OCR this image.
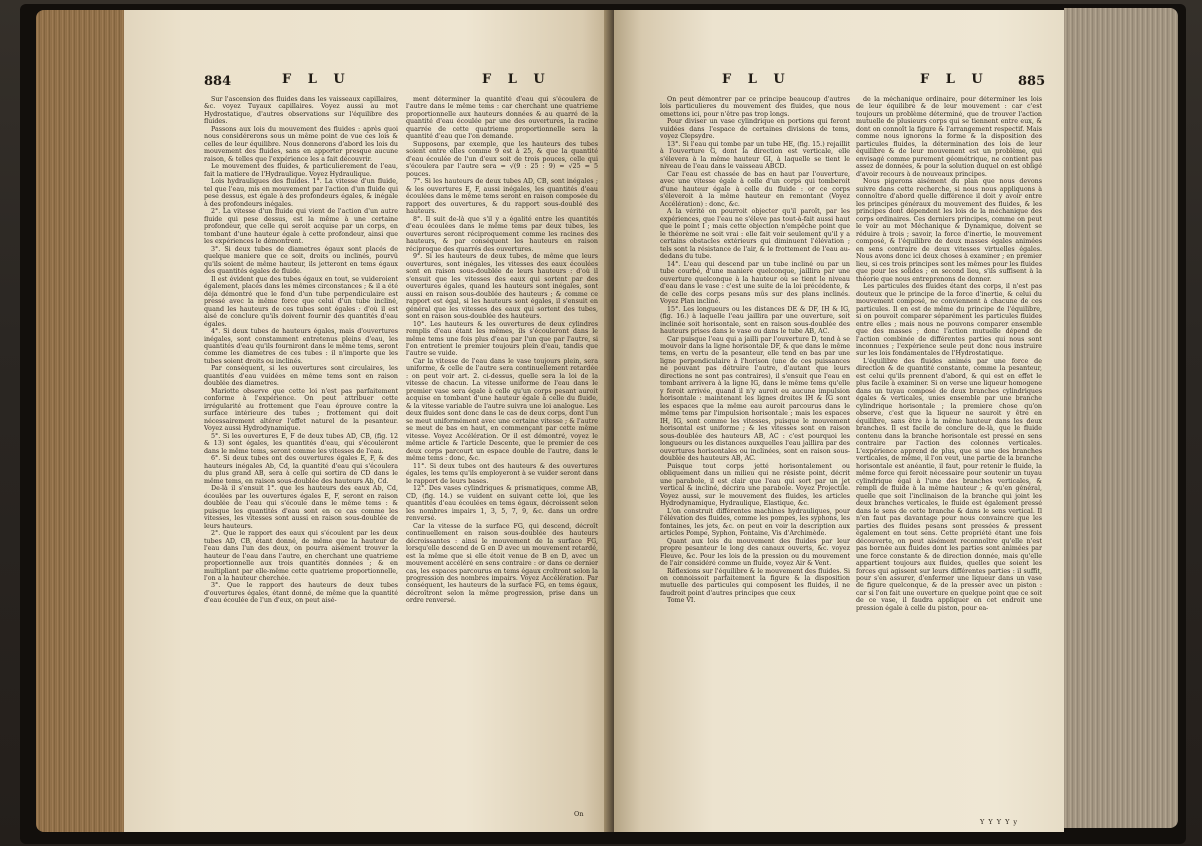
884	F L U	F L U

Sur l'ascension des fluides dans les vaisseaux capillaires, &c. voyez Tuyaux capillaires. Voyez aussi au mot Hydrostatique, d'autres observations sur l'équilibre des fluides.

Passons aux lois du mouvement des fluides : après quoi nous considérerons sous un même point de vue ces lois & celles de leur équilibre. Nous donnerons d'abord les lois du mouvement des fluides, sans en apporter presque aucune raison, & telles que l'expérience les a fait découvrir.

Le mouvement des fluides, & particulierement de l'eau, fait la matiere de l'Hydraulique. Voyez Hydraulique.

Lois hydrauliques des fluides. 1°. La vitesse d'un fluide, tel que l'eau, mis en mouvement par l'action d'un fluide qui pese dessus, est égale à des profondeurs égales, & inégale à des profondeurs inégales.

2°. La vitesse d'un fluide qui vient de l'action d'un autre fluide qui pese dessus, est la même à une certaine profondeur, que celle qui seroit acquise par un corps, en tombant d'une hauteur égale à cette profondeur, ainsi que les expériences le démontrent.

3°. Si deux tubes de diametres égaux sont placés de quelque maniere que ce soit, droits ou inclinés, pourvû qu'ils soient de même hauteur, ils jetteront en tems égaux des quantités égales de fluide.

Il est évident que des tubes égaux en tout, se vuideroient également, placés dans les mêmes circonstances ; & il a été déja démontré que le fond d'un tube perpendiculaire est pressé avec la même force que celui d'un tube incliné, quand les hauteurs de ces tubes sont égales : d'où il est aisé de conclure qu'ils doivent fournir des quantités d'eau égales.

4°. Si deux tubes de hauteurs égales, mais d'ouvertures inégales, sont constamment entretenus pleins d'eau, les quantités d'eau qu'ils fourniront dans le même tems, seront comme les diametres de ces tubes : il n'importe que les tubes soient droits ou inclinés.

Par conséquent, si les ouvertures sont circulaires, les quantités d'eau vuidées en même tems sont en raison doublée des diametres.

Mariotte observe que cette loi n'est pas parfaitement conforme à l'expérience. On peut attribuer cette irrégularité au frottement que l'eau éprouve contre la surface intérieure des tubes ; frottement qui doit nécessairement altérer l'effet naturel de la pesanteur. Voyez aussi Hydrodynamique.

5°. Si les ouvertures E, F de deux tubes AD, CB, (fig. 12 & 13) sont égales, les quantités d'eau, qui s'écouleront dans le même tems, seront comme les vitesses de l'eau.

6°. Si deux tubes ont des ouvertures égales E, F, & des hauteurs inégales Ab, Cd, la quantité d'eau qui s'écoulera du plus grand AB, sera à celle qui sortira de CD dans le même tems, en raison sous-doublée des hauteurs Ab, Cd.

De-là il s'ensuit 1°. que les hauteurs des eaux Ab, Cd, écoulées par les ouvertures égales E, F, seront en raison doublée de l'eau qui s'écoule dans le même tems : & puisque les quantités d'eau sont en ce cas comme les vitesses, les vitesses sont aussi en raison sous-doublée de leurs hauteurs.

2°. Que le rapport des eaux qui s'écoulent par les deux tubes AD, CB, étant donné, de même que la hauteur de l'eau dans l'un des deux, on pourra aisément trouver la hauteur de l'eau dans l'autre, en cherchant une quatrieme proportionnelle aux trois quantités données ; & en multipliant par elle-même cette quatrieme proportionnelle, l'on a la hauteur cherchée.

3°. Que le rapport des hauteurs de deux tubes d'ouvertures égales, étant donné, de même que la quantité d'eau écoulée de l'un d'eux, on peut aisé-

ment déterminer la quantité d'eau qui s'écoulera de l'autre dans le même tems : car cherchant une quatrieme proportionnelle aux hauteurs données & au quarré de la quantité d'eau écoulée par une des ouvertures, la racine quarrée de cette quatrieme proportionnelle sera la quantité d'eau que l'on demande.

Supposons, par exemple, que les hauteurs des tubes soient entre elles comme 9 est à 25, & que la quantité d'eau écoulée de l'un d'eux soit de trois pouces, celle qui s'écoulera par l'autre sera = √(9 : 25 : 9) = √25 = 5 pouces.

7°. Si les hauteurs de deux tubes AD, CB, sont inégales ; & les ouvertures E, F, aussi inégales, les quantités d'eau écoulées dans le même tems seront en raison composée du rapport des ouvertures, & du rapport sous-doublé des hauteurs.

8°. Il suit de-là que s'il y a égalité entre les quantités d'eau écoulées dans le même tems par deux tubes, les ouvertures seront réciproquement comme les racines des hauteurs, & par conséquent les hauteurs en raison réciproque des quarrés des ouvertures.

9°. Si les hauteurs de deux tubes, de même que leurs ouvertures, sont inégales, les vitesses des eaux écoulées sont en raison sous-doublée de leurs hauteurs : d'où il s'ensuit que les vitesses des eaux qui sortent par des ouvertures égales, quand les hauteurs sont inégales, sont aussi en raison sous-doublée des hauteurs ; & comme ce rapport est égal, si les hauteurs sont égales, il s'ensuit en général que les vitesses des eaux qui sortent des tubes, sont en raison sous-doublée des hauteurs.

10°. Les hauteurs & les ouvertures de deux cylindres remplis d'eau étant les mêmes, ils s'écouleront dans le même tems une fois plus d'eau par l'un que par l'autre, si l'on entretient le premier toujours plein d'eau, tandis que l'autre se vuide.

Car la vitesse de l'eau dans le vase toujours plein, sera uniforme, & celle de l'autre sera continuellement retardée : on peut voir art. 2. ci-dessus, quelle sera la loi de la vitesse de chacun. La vitesse uniforme de l'eau dans le premier vase sera égale à celle qu'un corps pesant auroit acquise en tombant d'une hauteur égale à celle du fluide, & la vitesse variable de l'autre suivra une loi analogue. Les deux fluides sont donc dans le cas de deux corps, dont l'un se meut uniformément avec une certaine vitesse ; & l'autre se meut de bas en haut, en commençant par cette même vitesse. Voyez Accélération. Or il est démontré, voyez le même article & l'article Descente, que le premier de ces deux corps parcourt un espace double de l'autre, dans le même tems : donc, &c.

11°. Si deux tubes ont des hauteurs & des ouvertures égales, les tems qu'ils employeront à se vuider seront dans le rapport de leurs bases.

12°. Des vases cylindriques & prismatiques, comme AB, CD, (fig. 14.) se vuident en suivant cette loi, que les quantités d'eau écoulées en tems égaux, décroissent selon les nombres impairs 1, 3, 5, 7, 9, &c. dans un ordre renversé.

Car la vitesse de la surface FG, qui descend, décroît continuellement en raison sous-doublée des hauteurs décroissantes : ainsi le mouvement de la surface FG, lorsqu'elle descend de G en D avec un mouvement retardé, est la même que si elle étoit venue de B en D, avec un mouvement accéléré en sens contraire : or dans ce dernier cas, les espaces parcourus en tems égaux croîtront selon la progression des nombres impairs. Voyez Accélération. Par conséquent, les hauteurs de la surface FG, en tems égaux, décroîtront selon la même progression, prise dans un ordre renversé.

On
F L U	F L U 885

On peut démontrer par ce principe beaucoup d'autres lois particulieres du mouvement des fluides, que nous omettons ici, pour n'être pas trop longs.

Pour diviser un vase cylindrique en portions qui feront vuidées dans l'espace de certaines divisions de tems, voyez Clepsydre.

13°. Si l'eau qui tombe par un tube HE, (fig. 15.) rejaillit à l'ouverture G, dont la direction est verticale, elle s'élevera à la même hauteur GI, à laquelle se tient le niveau de l'eau dans le vaisseau ABCD.

Car l'eau est chassée de bas en haut par l'ouverture, avec une vitesse égale à celle d'un corps qui tomberoit d'une hauteur égale à celle du fluide : or ce corps s'éleveroit à la même hauteur en remontant (Voyez Accélération) : donc, &c.

A la vérité on pourroit objecter qu'il paroît, par les expériences, que l'eau ne s'éleve pas tout-à-fait aussi haut que le point I ; mais cette objection n'empêche point que le théorème ne soit vrai : elle fait voir seulement qu'il y a certains obstacles extérieurs qui diminuent l'élévation ; tels sont la résistance de l'air, & le frottement de l'eau au-dedans du tube.

14°. L'eau qui descend par un tube incliné ou par un tube courbé, d'une maniere quelconque, jaillira par une ouverture quelconque à la hauteur où se tient le niveau d'eau dans le vase : c'est une suite de la loi précédente, & de celle des corps pesans mûs sur des plans inclinés. Voyez Plan incliné.

15°. Les longueurs ou les distances DE & DF, IH & IG, (fig. 16.) à laquelle l'eau jaillira par une ouverture, soit inclinée soit horisontale, sont en raison sous-doublée des hauteurs prises dans le vase ou dans le tube AB, AC.

Car puisque l'eau qui a jailli par l'ouverture D, tend à se mouvoir dans la ligne horisontale DF, & que dans le même tems, en vertu de la pesanteur, elle tend en bas par une ligne perpendiculaire à l'horison (une de ces puissances ne pouvant pas détruire l'autre, d'autant que leurs directions ne sont pas contraires), il s'ensuit que l'eau en tombant arrivera à la ligne IG, dans le même tems qu'elle y feroit arrivée, quand il n'y auroit eu aucune impulsion horisontale : maintenant les lignes droites IH & IG sont les espaces que la même eau auroit parcourus dans le même tems par l'impulsion horisontale ; mais les espaces IH, IG, sont comme les vitesses, puisque le mouvement horisontal est uniforme ; & les vitesses sont en raison sous-doublée des hauteurs AB, AC : c'est pourquoi les longueurs ou les distances auxquelles l'eau jaillira par des ouvertures horisontales ou inclinées, sont en raison sous-doublée des hauteurs AB, AC.

Puisque tout corps jetté horisontalement ou obliquement dans un milieu qui ne résiste point, décrit une parabole, il est clair que l'eau qui sort par un jet vertical & incliné, décrira une parabole. Voyez Projectile. Voyez aussi, sur le mouvement des fluides, les articles Hydrodynamique, Hydraulique, Elastique, &c.

L'on construit différentes machines hydrauliques, pour l'élévation des fluides, comme les pompes, les syphons, les fontaines, les jets, &c. on peut en voir la description aux articles Pompe, Syphon, Fontaine, Vis d'Archimède.

Quant aux lois du mouvement des fluides par leur propre pesanteur le long des canaux ouverts, &c. voyez Fleuve, &c. Pour les lois de la pression ou du mouvement de l'air considéré comme un fluide, voyez Air & Vent.

Réflexions sur l'équilibre & le mouvement des fluides. Si on connoissoit parfaitement la figure & la disposition mutuelle des particules qui composent les fluides, il ne faudroit point d'autres principes que ceux

Tome VI.

de la méchanique ordinaire, pour déterminer les lois de leur équilibre & de leur mouvement : car c'est toujours un problème déterminé, que de trouver l'action mutuelle de plusieurs corps qui se tiennent entre eux, & dont on connoît la figure & l'arrangement respectif. Mais comme nous ignorons la forme & la disposition des particules fluides, la détermination des lois de leur équilibre & de leur mouvement est un problème, qui envisagé comme purement géométrique, ne contient pas assez de données, & pour la solution duquel on est obligé d'avoir recours à de nouveaux principes.

Nous pigerons aisément du plan que nous devons suivre dans cette recherche, si nous nous appliquons à connoître d'abord quelle différence il doit y avoir entre les principes généraux du mouvement des fluides, & les principes dont dépendent les lois de la méchanique des corps ordinaires. Ces derniers principes, comme on peut le voir au mot Méchanique & Dynamique, doivent se réduire à trois ; savoir, la force d'inertie, le mouvement composé, & l'équilibre de deux masses égales animées en sens contraire de deux vitesses virtuelles égales. Nous avons donc ici deux choses à examiner ; en premier lieu, si ces trois principes sont les mêmes pour les fluides que pour les solides ; en second lieu, s'ils suffisent à la théorie que nous entreprenons de donner.

Les particules des fluides étant des corps, il n'est pas douteux que le principe de la force d'inertie, & celui du mouvement composé, ne conviennent à chacune de ces particules. Il en est de même du principe de l'équilibre, si on pouvoit comparer séparément les particules fluides entre elles ; mais nous ne pouvons comparer ensemble que des masses ; donc l'action mutuelle dépend de l'action combinée de différentes parties qui nous sont inconnues ; l'expérience seule peut donc nous instruire sur les lois fondamentales de l'Hydrostatique.

L'équilibre des fluides animés par une force de direction & de quantité constante, comme la pesanteur, est celui qu'ils prennent d'abord, & qui est en effet le plus facile à examiner. Si on verse une liqueur homogene dans un tuyau composé de deux branches cylindriques égales & verticales, unies ensemble par une branche cylindrique horisontale ; la premiere chose qu'on observe, c'est que la liqueur ne sauroit y être en équilibre, sans être à la même hauteur dans les deux branches. Il est facile de conclure de-là, que le fluide contenu dans la branche horisontale est pressé en sens contraire par l'action des colonnes verticales. L'expérience apprend de plus, que si une des branches verticales, de même, il l'on veut, une partie de la branche horisontale est anéantie, il faut, pour retenir le fluide, la même force qui feroit nécessaire pour soutenir un tuyau cylindrique égal à l'une des branches verticales, & rempli de fluide à la même hauteur ; & qu'en général, quelle que soit l'inclinaison de la branche qui joint les deux branches verticales, le fluide est également pressé dans le sens de cette branche & dans le sens vertical. Il n'en faut pas davantage pour nous convaincre que les parties des fluides pesans sont pressées & pressent également en tout sens. Cette propriété étant une fois découverte, on peut aisément reconnoître qu'elle n'est pas bornée aux fluides dont les parties sont animées par une force constante & de direction donnée, mais qu'elle appartient toujours aux fluides, quelles que soient les forces qui agissent sur leurs différentes parties : il suffit, pour s'en assurer, d'enfermer une liqueur dans un vase de figure quelconque, & de la presser avec un piston : car si l'on fait une ouverture en quelque point que ce soit de ce vase, il faudra appliquer en cet endroit une pression égale à celle du piston, pour ea-

Y Y Y Y y
